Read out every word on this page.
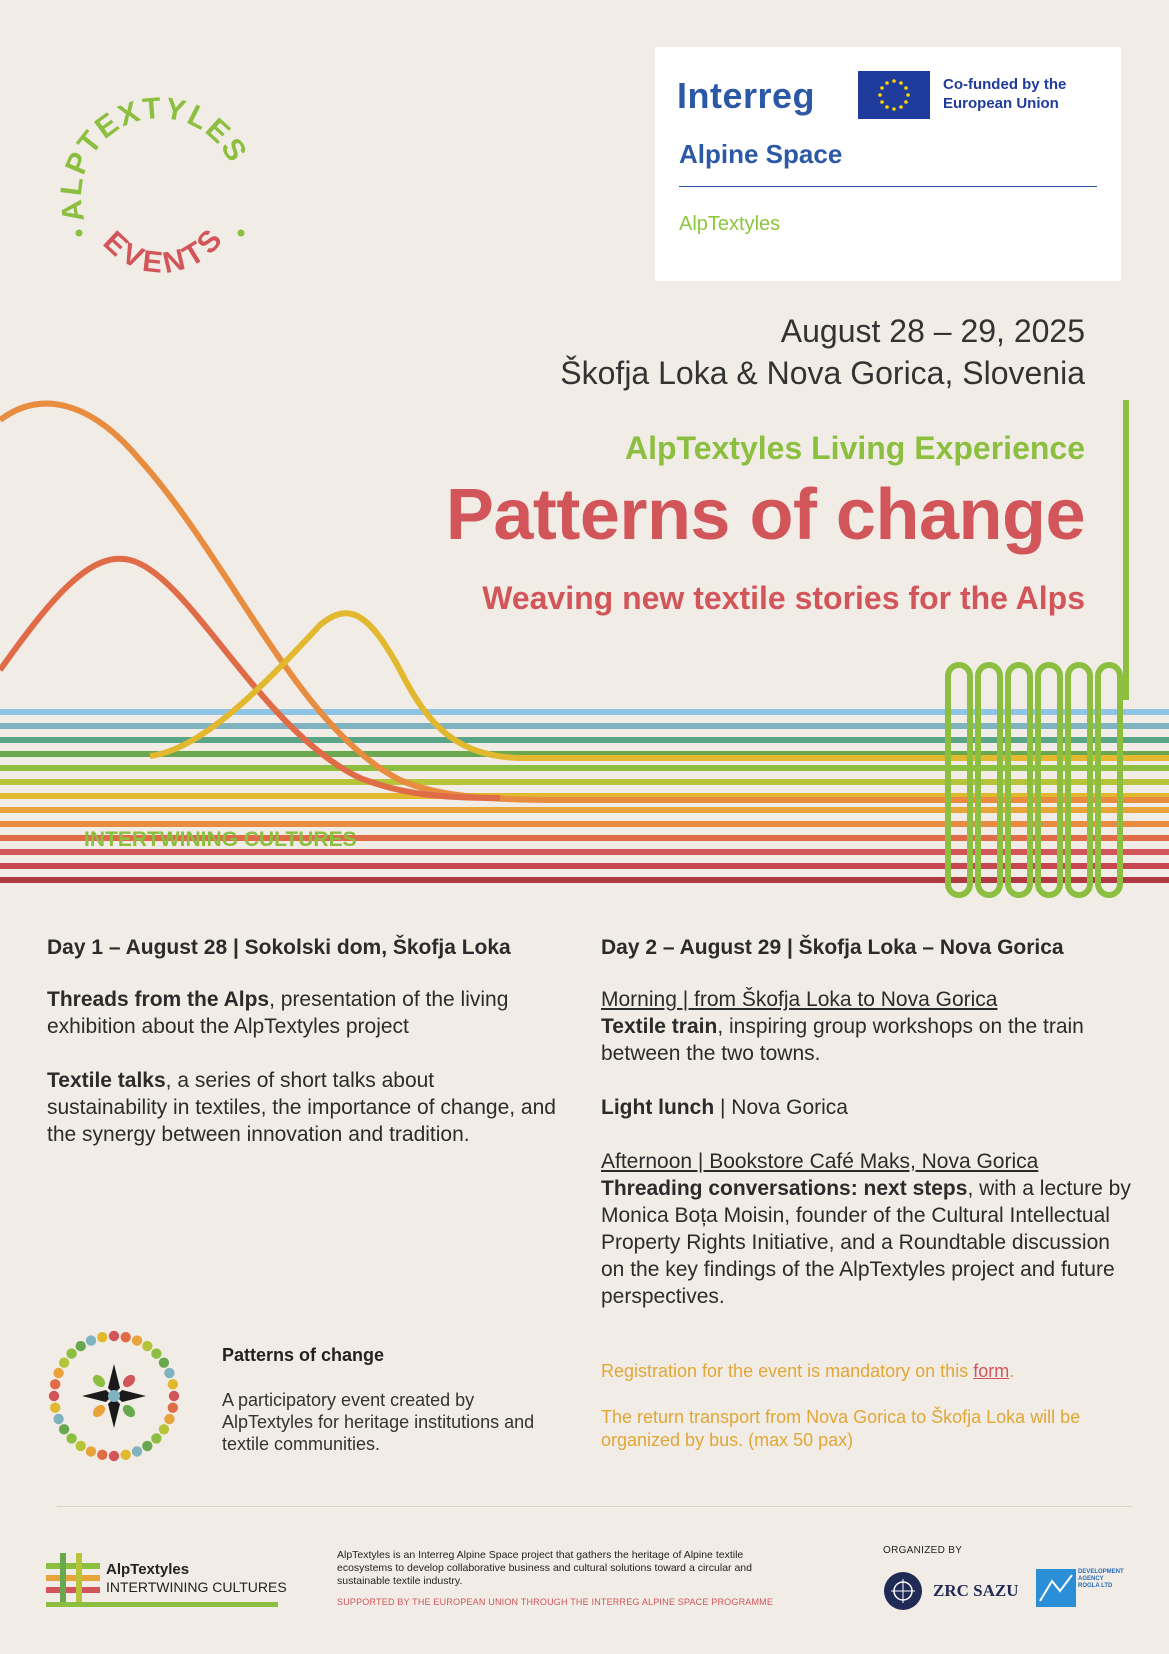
ALPTEXTYLES
EVENTS
Interreg	Co-funded by the European Union
Alpine Space
AlpTextyles
August 28 – 29, 2025
Škofja Loka & Nova Gorica, Slovenia
AlpTextyles Living Experience
Patterns of change
Weaving new textile stories for the Alps
INTERTWINING CULTURES
Day 1 – August 28 | Sokolski dom, Škofja Loka

Threads from the Alps, presentation of the living exhibition about the AlpTextyles project

Textile talks, a series of short talks about sustainability in textiles, the importance of change, and the synergy between innovation and tradition.

Day 2 – August 29 | Škofja Loka – Nova Gorica

Morning | from Škofja Loka to Nova Gorica
Textile train, inspiring group workshops on the train between the two towns.

Light lunch | Nova Gorica

Afternoon | Bookstore Café Maks, Nova Gorica
Threading conversations: next steps, with a lecture by Monica Boța Moisin, founder of the Cultural Intellectual Property Rights Initiative, and a Roundtable discussion on the key findings of the AlpTextyles project and future perspectives.

Registration for the event is mandatory on this form.
The return transport from Nova Gorica to Škofja Loka will be organized by bus. (max 50 pax)
Patterns of change
A participatory event created by AlpTextyles for heritage institutions and textile communities.
AlpTextyles
INTERTWINING CULTURES
AlpTextyles is an Interreg Alpine Space project that gathers the heritage of Alpine textile ecosystems to develop collaborative business and cultural solutions toward a circular and sustainable textile industry.
SUPPORTED BY THE EUROPEAN UNION THROUGH THE INTERREG ALPINE SPACE PROGRAMME
ORGANIZED BY
ZRC SAZU
DEVELOPMENT AGENCY ROGLA LTD
